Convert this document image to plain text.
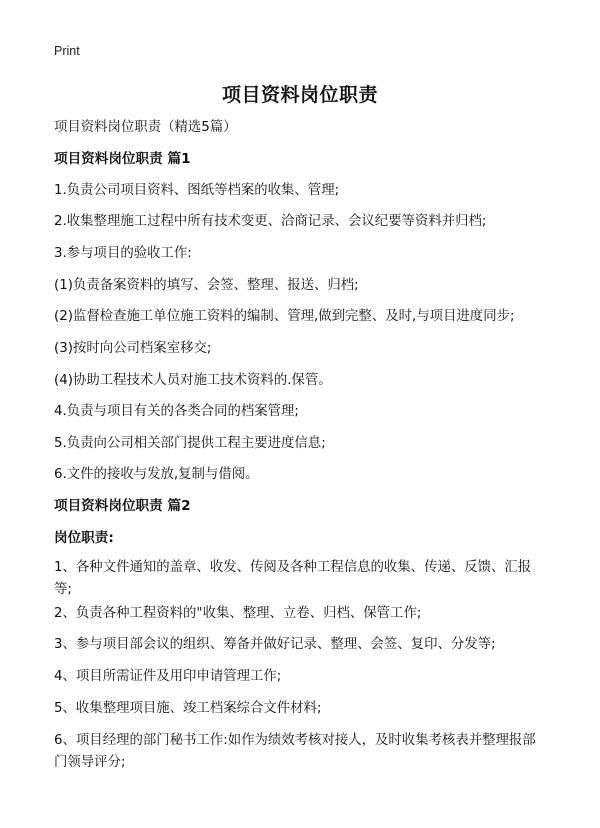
Print
项目资料岗位职责
项目资料岗位职责（精选5篇）
项目资料岗位职责 篇1
1.负责公司项目资料、图纸等档案的收集、管理;
2.收集整理施工过程中所有技术变更、洽商记录、会议纪要等资料并归档;
3.参与项目的验收工作:
(1)负责备案资料的填写、会签、整理、报送、归档;
(2)监督检查施工单位施工资料的编制、管理,做到完整、及时,与项目进度同步;
(3)按时向公司档案室移交;
(4)协助工程技术人员对施工技术资料的.保管。
4.负责与项目有关的各类合同的档案管理;
5.负责向公司相关部门提供工程主要进度信息;
6.文件的接收与发放,复制与借阅。
项目资料岗位职责 篇2
岗位职责:
1、各种文件通知的盖章、收发、传阅及各种工程信息的收集、传递、反馈、汇报等;
2、负责各种工程资料的"收集、整理、立卷、归档、保管工作;
3、参与项目部会议的组织、筹备并做好记录、整理、会签、复印、分发等;
4、项目所需证件及用印申请管理工作;
5、收集整理项目施、竣工档案综合文件材料;
6、项目经理的部门秘书工作:如作为绩效考核对接人，及时收集考核表并整理报部门领导评分;
